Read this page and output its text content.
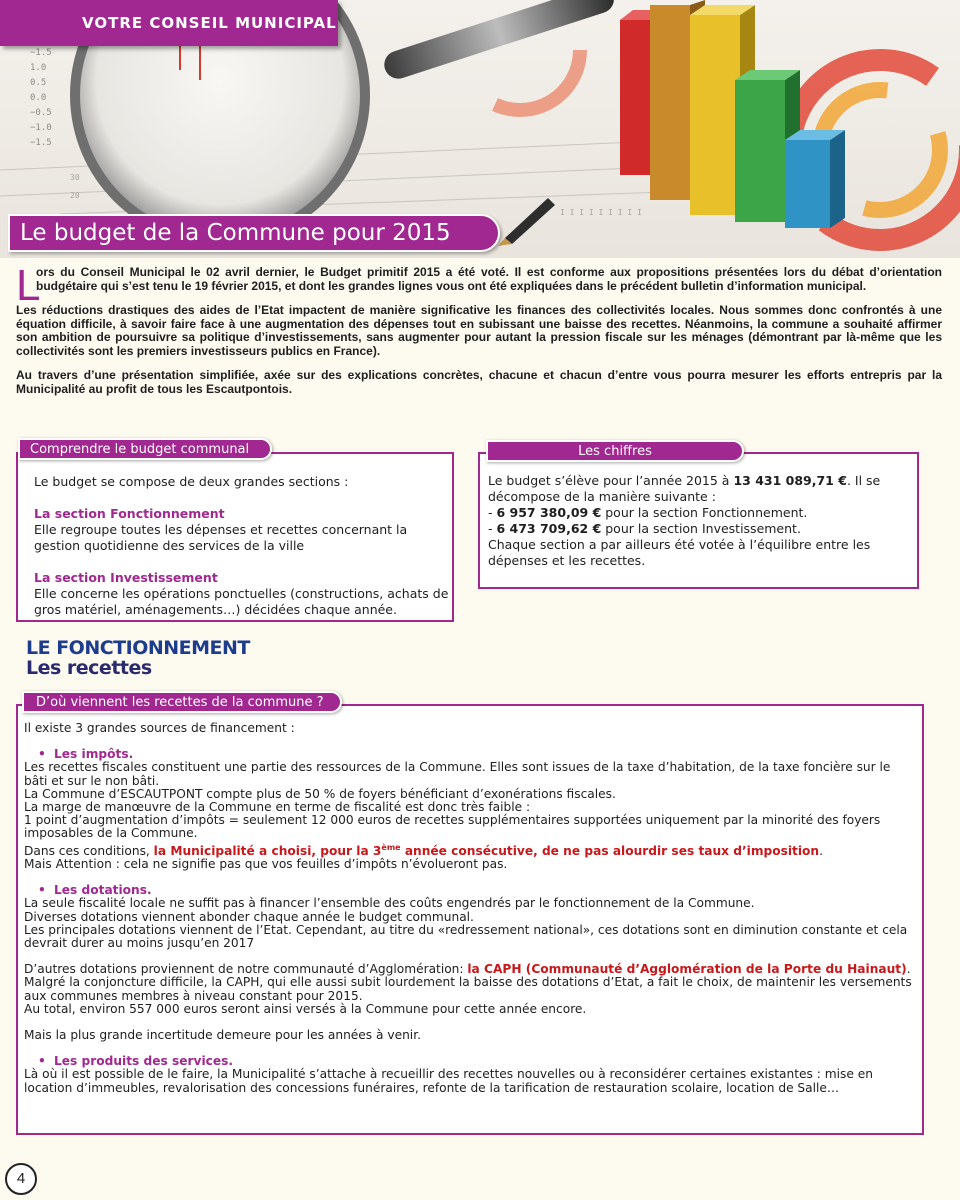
30
20
I I I I I I I I I
−1.5
1.0
0.5
0.0
−0.5
−1.0
−1.5
VOTRE CONSEIL MUNICIPAL
Le budget de la Commune pour 2015

L
ors du Conseil Municipal le 02 avril dernier, le Budget primitif 2015 a été voté. Il est conforme aux propositions présentées lors du débat d’orientation budgétaire qui s’est tenu le 19 février 2015, et dont les grandes lignes vous ont été expliquées dans le précédent bulletin d’information municipal.

Les réductions drastiques des aides de l’Etat impactent de manière significative les finances des collectivités locales. Nous sommes donc confrontés à une équation difficile, à savoir faire face à une augmentation des dépenses tout en subissant une baisse des recettes. Néanmoins, la commune a souhaité affirmer son ambition de poursuivre sa politique d’investissements, sans augmenter pour autant la pression fiscale sur les ménages (démontrant par là-même que les collectivités sont les premiers investisseurs publics en France).

Au travers d’une présentation simplifiée, axée sur des explications concrètes, chacune et chacun d’entre vous pourra mesurer les efforts entrepris par la Municipalité au profit de tous les Escautpontois.

Le budget se compose de deux grandes sections :

La section Fonctionnement

Elle regroupe toutes les dépenses et recettes concernant la gestion quotidienne des services de la ville

La section Investissement

Elle concerne les opérations ponctuelles (constructions, achats de gros matériel, aménagements…) décidées chaque année.

Comprendre le budget communal

Le budget s’élève pour l’année 2015 à 13 431 089,71 €. Il se décompose de la manière suivante :

- 6 957 380,09 € pour la section Fonctionnement.

- 6 473 709,62 € pour la section Investissement.

Chaque section a par ailleurs été votée à l’équilibre entre les dépenses et les recettes.

Les chiffres
LE FONCTIONNEMENT
Les recettes

Il existe 3 grandes sources de financement :

• Les impôts.

Les recettes fiscales constituent une partie des ressources de la Commune. Elles sont issues de la taxe d’habitation, de la taxe foncière sur le bâti et sur le non bâti.

La Commune d’ESCAUTPONT compte plus de 50 % de foyers bénéficiant d’exonérations fiscales.

La marge de manœuvre de la Commune en terme de fiscalité est donc très faible :

1 point d’augmentation d’impôts = seulement 12 000 euros de recettes supplémentaires supportées uniquement par la minorité des foyers imposables de la Commune.

Dans ces conditions, la Municipalité a choisi, pour la 3ème année consécutive, de ne pas alourdir ses taux d’imposition.

Mais Attention : cela ne signifie pas que vos feuilles d’impôts n’évolueront pas.

• Les dotations.

La seule fiscalité locale ne suffit pas à financer l’ensemble des coûts engendrés par le fonctionnement de la Commune.

Diverses dotations viennent abonder chaque année le budget communal.

Les principales dotations viennent de l’Etat. Cependant, au titre du «redressement national», ces dotations sont en diminution constante et cela devrait durer au moins jusqu’en 2017

D’autres dotations proviennent de notre communauté d’Agglomération: la CAPH (Communauté d’Agglomération de la Porte du Hainaut).

Malgré la conjoncture difficile, la CAPH, qui elle aussi subit lourdement la baisse des dotations d’Etat, a fait le choix, de maintenir les versements aux communes membres à niveau constant pour 2015.

Au total, environ 557 000 euros seront ainsi versés à la Commune pour cette année encore.

Mais la plus grande incertitude demeure pour les années à venir.

• Les produits des services.

Là où il est possible de le faire, la Municipalité s’attache à recueillir des recettes nouvelles ou à reconsidérer certaines existantes : mise en location d’immeubles, revalorisation des concessions funéraires, refonte de la tarification de restauration scolaire, location de Salle…

D’où viennent les recettes de la commune ?
4
